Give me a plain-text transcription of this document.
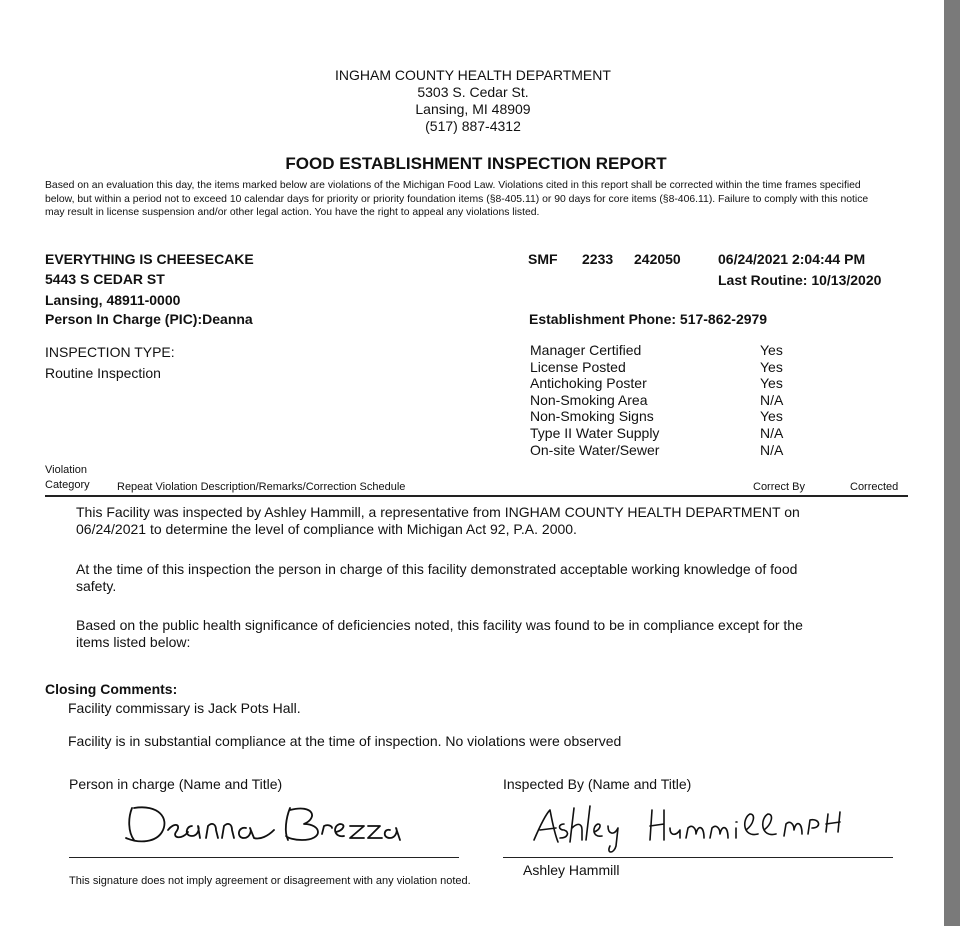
INGHAM COUNTY HEALTH DEPARTMENT
5303 S. Cedar St.
Lansing, MI 48909
(517) 887-4312
FOOD ESTABLISHMENT INSPECTION REPORT
Based on an evaluation this day, the items marked below are violations of the Michigan Food Law. Violations cited in this report shall be corrected within the time frames specified below, but within a period not to exceed 10 calendar days for priority or priority foundation items (§8-405.11) or 90 days for core items (§8-406.11). Failure to comply with this notice may result in license suspension and/or other legal action. You have the right to appeal any violations listed.
EVERYTHING IS CHEESECAKE
5443 S CEDAR ST
Lansing, 48911-0000
Person In Charge (PIC):Deanna
SMF 2233 242050	06/24/2021 2:04:44 PM
Last Routine: 10/13/2020
Establishment Phone: 517-862-2979
INSPECTION TYPE:
Routine Inspection
Manager Certified	Yes
License Posted	Yes
Antichoking Poster	Yes
Non-Smoking Area	N/A
Non-Smoking Signs	Yes
Type II Water Supply	N/A
On-site Water/Sewer	N/A
Violation
Category Repeat Violation Description/Remarks/Correction Schedule	Correct By	Corrected
This Facility was inspected by Ashley Hammill, a representative from INGHAM COUNTY HEALTH DEPARTMENT on 06/24/2021 to determine the level of compliance with Michigan Act 92, P.A. 2000.
At the time of this inspection the person in charge of this facility demonstrated acceptable working knowledge of food safety.
Based on the public health significance of deficiencies noted, this facility was found to be in compliance except for the items listed below:
Closing Comments:
Facility commissary is Jack Pots Hall.
Facility is in substantial compliance at the time of inspection. No violations were observed
Person in charge (Name and Title)	Inspected By (Name and Title)
Ashley Hammill
This signature does not imply agreement or disagreement with any violation noted.
